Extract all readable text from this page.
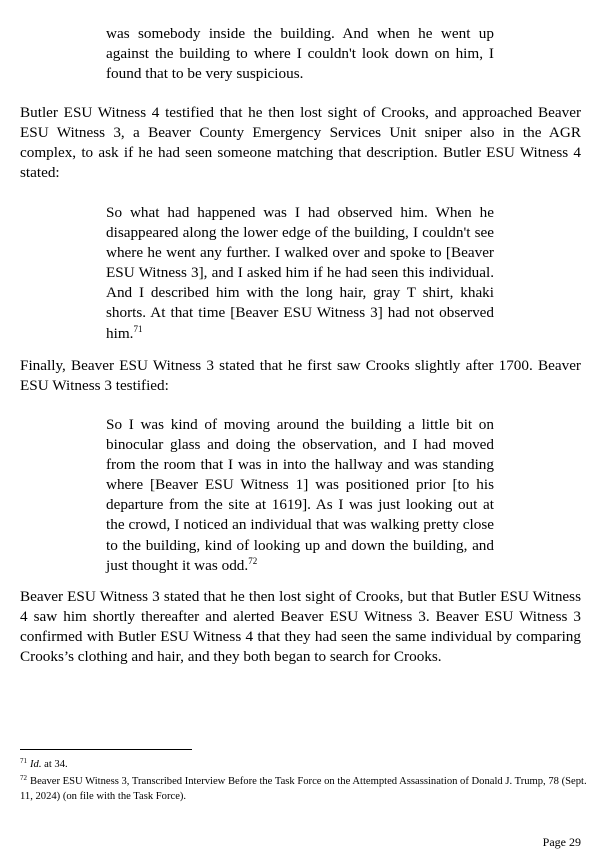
was somebody inside the building. And when he went up against the building to where I couldn't look down on him, I found that to be very suspicious.

Butler ESU Witness 4 testified that he then lost sight of Crooks, and approached Beaver ESU Witness 3, a Beaver County Emergency Services Unit sniper also in the AGR complex, to ask if he had seen someone matching that description. Butler ESU Witness 4 stated:

So what had happened was I had observed him. When he disappeared along the lower edge of the building, I couldn't see where he went any further. I walked over and spoke to [Beaver ESU Witness 3], and I asked him if he had seen this individual. And I described him with the long hair, gray T shirt, khaki shorts. At that time [Beaver ESU Witness 3] had not observed him.$^{71}$

Finally, Beaver ESU Witness 3 stated that he first saw Crooks slightly after 1700. Beaver ESU Witness 3 testified:

So I was kind of moving around the building a little bit on binocular glass and doing the observation, and I had moved from the room that I was in into the hallway and was standing where [Beaver ESU Witness 1] was positioned prior [to his departure from the site at 1619]. As I was just looking out at the crowd, I noticed an individual that was walking pretty close to the building, kind of looking up and down the building, and just thought it was odd.$^{72}$

Beaver ESU Witness 3 stated that he then lost sight of Crooks, but that Butler ESU Witness 4 saw him shortly thereafter and alerted Beaver ESU Witness 3. Beaver ESU Witness 3 confirmed with Butler ESU Witness 4 that they had seen the same individual by comparing Crooks’s clothing and hair, and they both began to search for Crooks.

$^{71}$ Id. at 34.

$^{72}$ Beaver ESU Witness 3, Transcribed Interview Before the Task Force on the Attempted Assassination of Donald J. Trump, 78 (Sept. 11, 2024) (on file with the Task Force).

Page 29
